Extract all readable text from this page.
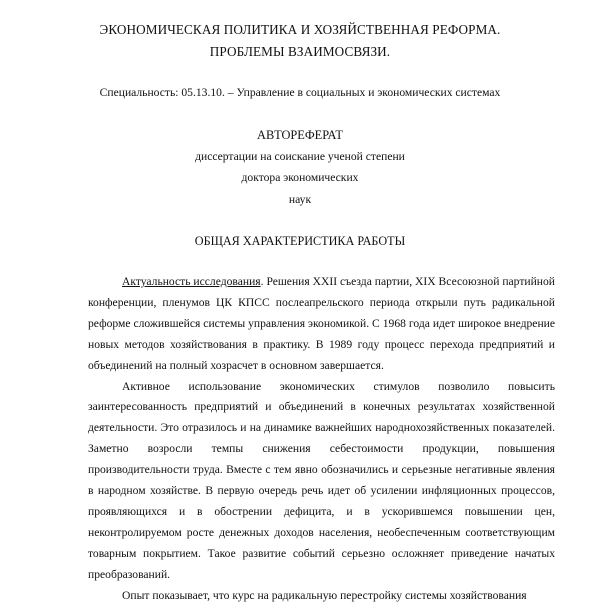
ЭКОНОМИЧЕСКАЯ ПОЛИТИКА И ХОЗЯЙСТВЕННАЯ РЕФОРМА.
ПРОБЛЕМЫ ВЗАИМОСВЯЗИ.
Специальность: 05.13.10. – Управление в социальных и экономических системах
АВТОРЕФЕРАТ
диссертации на соискание ученой степени
доктора экономических
наук
ОБЩАЯ ХАРАКТЕРИСТИКА РАБОТЫ

Актуальность исследования. Решения XXII съезда партии, XIX Всесоюзной партийной конференции, пленумов ЦК КПСС послеапрельского периода открыли путь радикальной реформе сложившейся системы управления экономикой. С 1968 года идет широкое внедрение новых методов хозяйствования в практику. В 1989 году процесс перехода предприятий и объединений на полный хозрасчет в основном завершается.

Активное использование экономических стимулов позволило повысить заинтересованность предприятий и объединений в конечных результатах хозяйственной деятельности. Это отразилось и на динамике важнейших народнохозяйственных показателей. Заметно возросли темпы снижения себестоимости продукции, повышения производительности труда. Вместе с тем явно обозначились и серьезные негативные явления в народном хозяйстве. В первую очередь речь идет об усилении инфляционных процессов, проявляющихся и в обострении дефицита, и в ускорившемся повышении цен, неконтролируемом росте денежных доходов населения, необеспеченным соответствующим товарным покрытием. Такое развитие событий серьезно осложняет приведение начатых преобразований.

Опыт показывает, что курс на радикальную перестройку системы хозяйствования
